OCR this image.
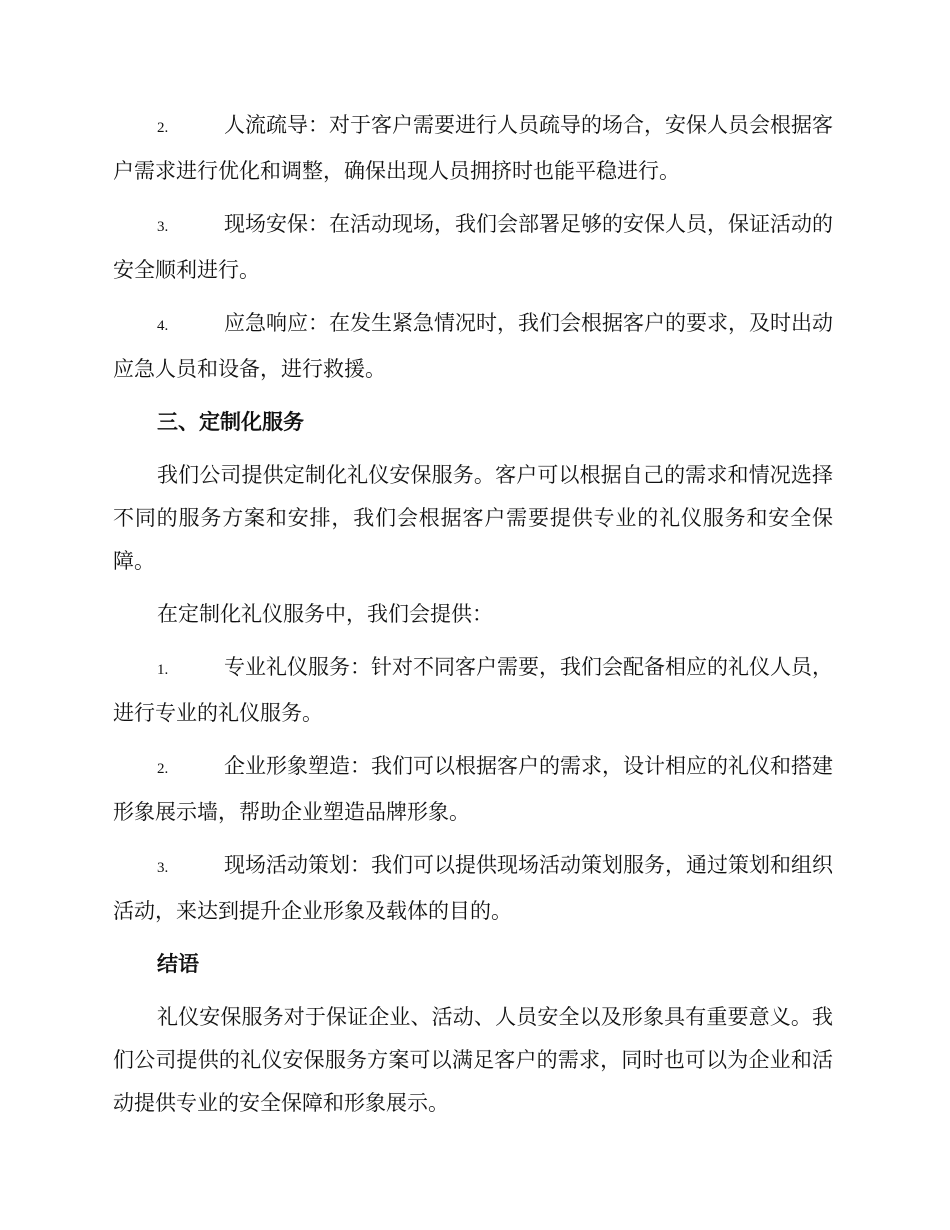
2.	人流疏导：对于客户需要进行人员疏导的场合，安保人员会根据客户需求进行优化和调整，确保出现人员拥挤时也能平稳进行。

3.	现场安保：在活动现场，我们会部署足够的安保人员，保证活动的安全顺利进行。

4.	应急响应：在发生紧急情况时，我们会根据客户的要求，及时出动应急人员和设备，进行救援。

三、定制化服务

我们公司提供定制化礼仪安保服务。客户可以根据自己的需求和情况选择不同的服务方案和安排，我们会根据客户需要提供专业的礼仪服务和安全保障。

在定制化礼仪服务中，我们会提供：

1.	专业礼仪服务：针对不同客户需要，我们会配备相应的礼仪人员，进行专业的礼仪服务。

2.	企业形象塑造：我们可以根据客户的需求，设计相应的礼仪和搭建形象展示墙，帮助企业塑造品牌形象。

3.	现场活动策划：我们可以提供现场活动策划服务，通过策划和组织活动，来达到提升企业形象及载体的目的。

结语

礼仪安保服务对于保证企业、活动、人员安全以及形象具有重要意义。我们公司提供的礼仪安保服务方案可以满足客户的需求，同时也可以为企业和活动提供专业的安全保障和形象展示。
